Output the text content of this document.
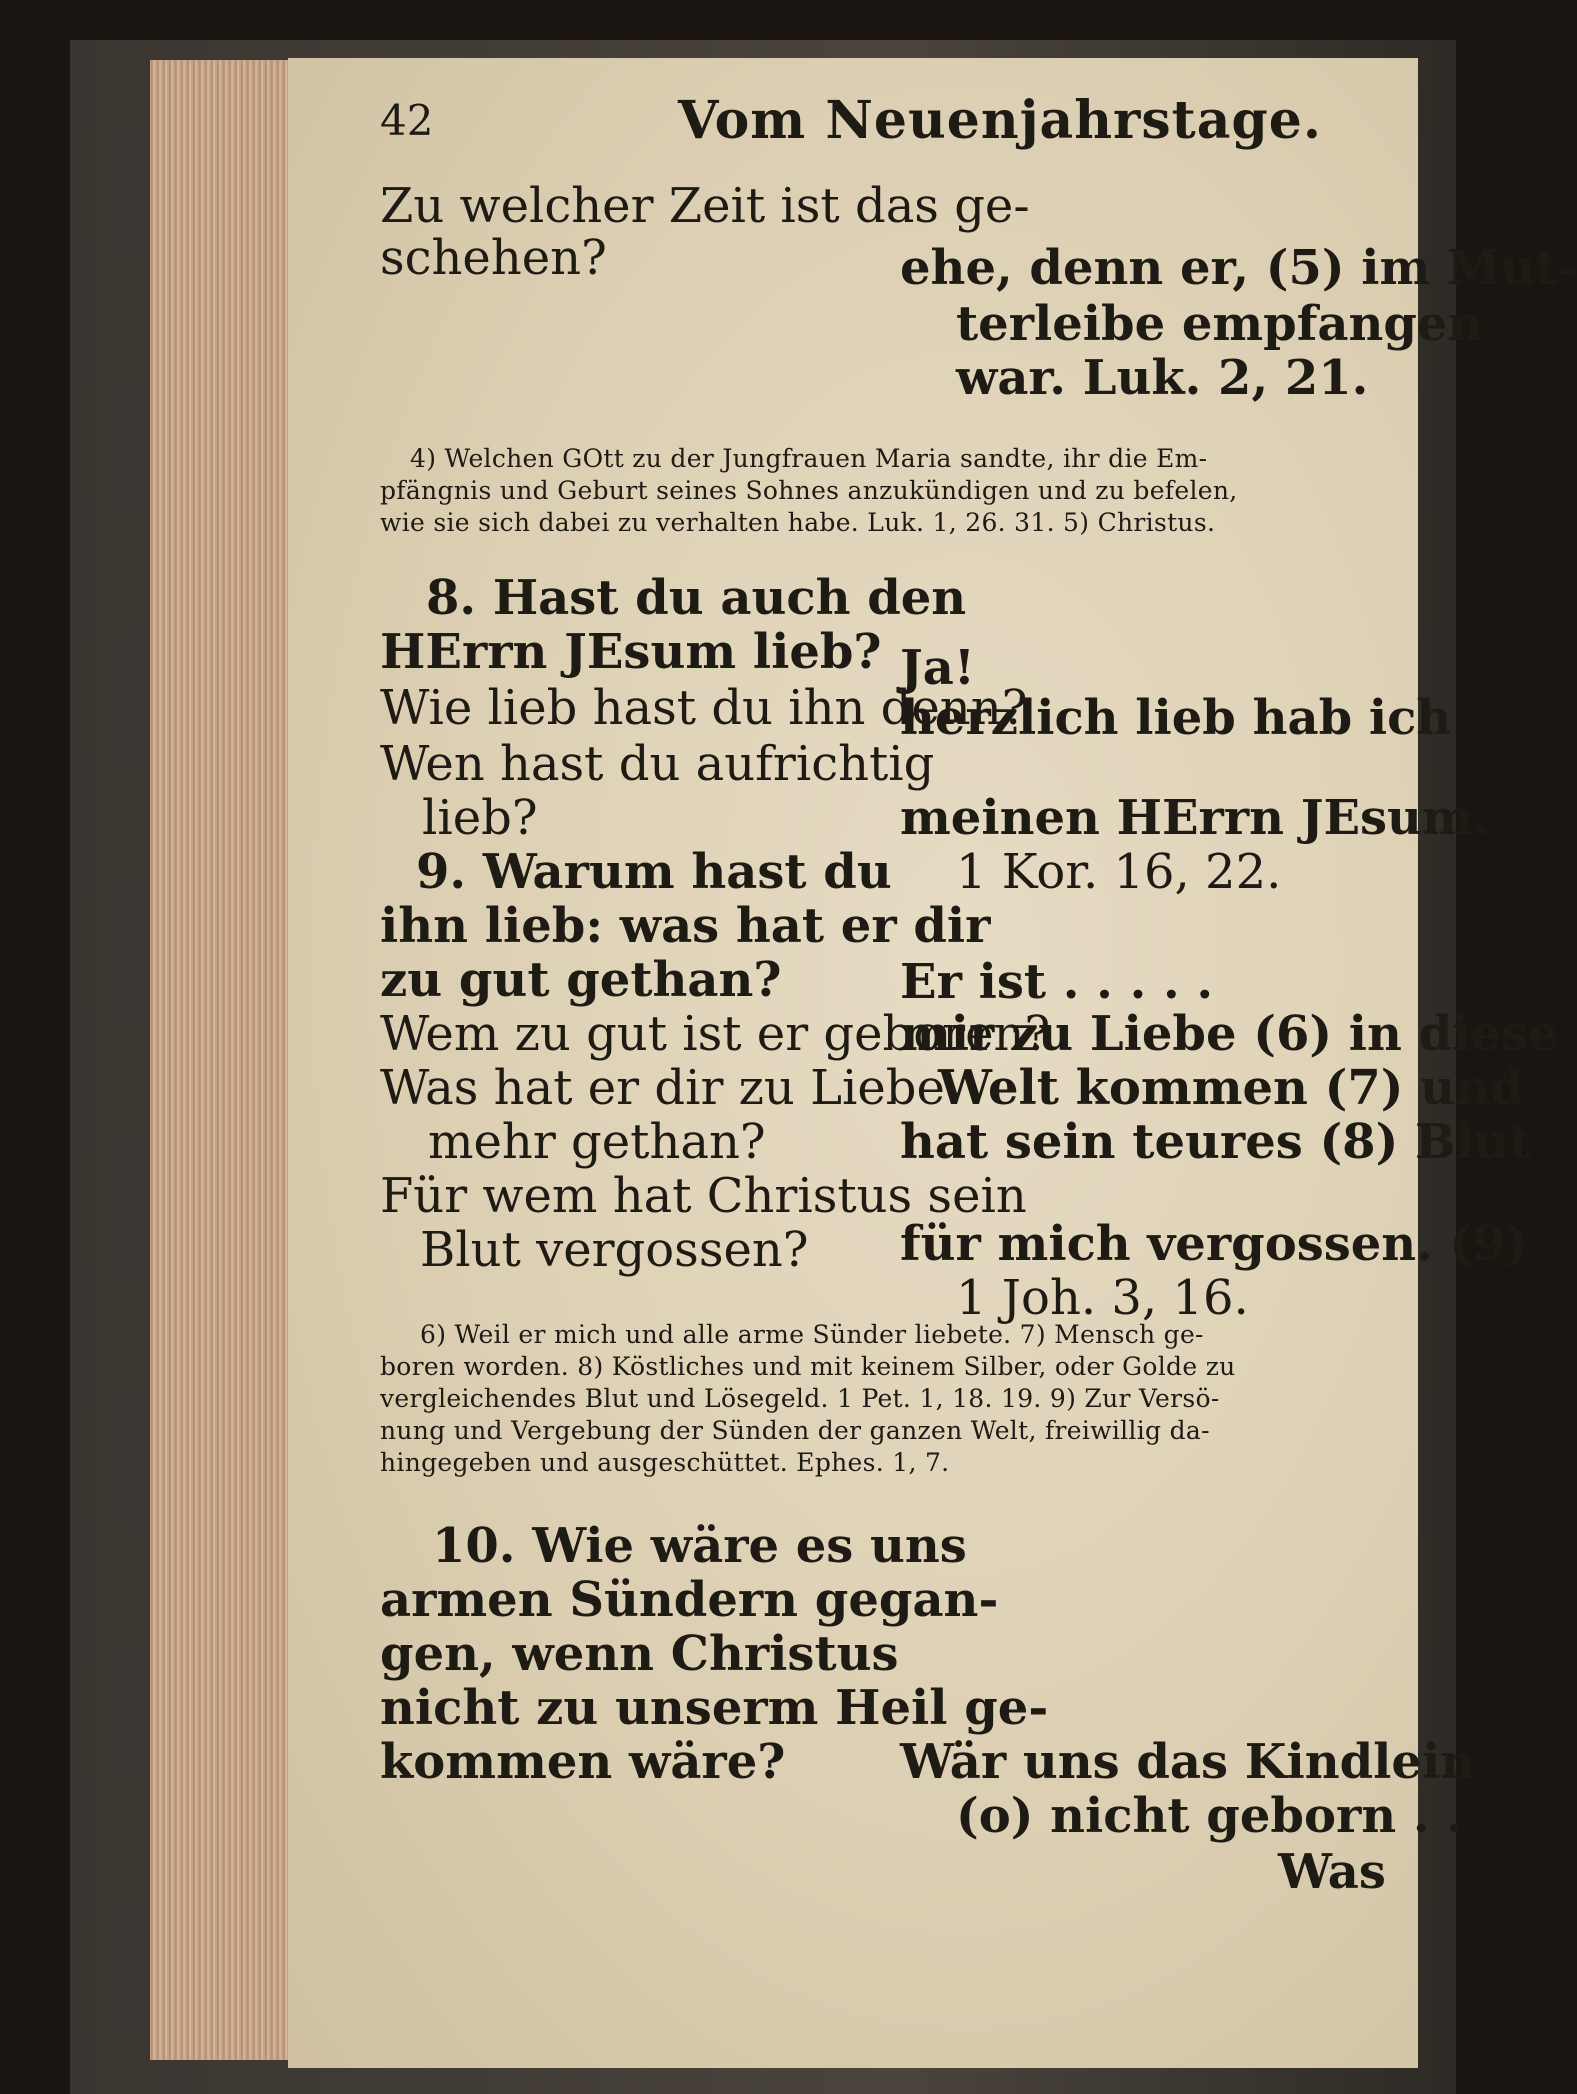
42	Vom Neuenjahrstage.
Zu welcher Zeit ist das ge-
schehen?	ehe, denn er, (5) im Mut-
terleibe empfangen
war. Luk. 2, 21.
4) Welchen GOtt zu der Jungfrauen Maria sandte, ihr die Em-
pfängnis und Geburt seines Sohnes anzukündigen und zu befelen,
wie sie sich dabei zu verhalten habe. Luk. 1, 26. 31. 5) Christus.
8. Hast du auch den
HErrn JEsum lieb?
Wie lieb hast du ihn denn?
Wen hast du aufrichtig
lieb?
Ja!
herzlich lieb hab ich
meinen HErrn JEsum.
1 Kor. 16, 22.
9. Warum hast du
ihn lieb: was hat er dir
zu gut gethan?
Wem zu gut ist er geboren?
Was hat er dir zu Liebe
mehr gethan?
Für wem hat Christus sein
Blut vergossen?
Er ist . . . . .
mir zu Liebe (6) in diese
Welt kommen (7) und
hat sein teures (8) Blut
für mich vergossen. (9)
1 Joh. 3, 16.
6) Weil er mich und alle arme Sünder liebete. 7) Mensch ge-
boren worden. 8) Köstliches und mit keinem Silber, oder Golde zu
vergleichendes Blut und Lösegeld. 1 Pet. 1, 18. 19. 9) Zur Versö-
nung und Vergebung der Sünden der ganzen Welt, freiwillig da-
hingegeben und ausgeschüttet. Ephes. 1, 7.
10. Wie wäre es uns
armen Sündern gegan-
gen, wenn Christus
nicht zu unserm Heil ge-
kommen wäre? Wär uns das Kindlein
(o) nicht geborn . .
Was
